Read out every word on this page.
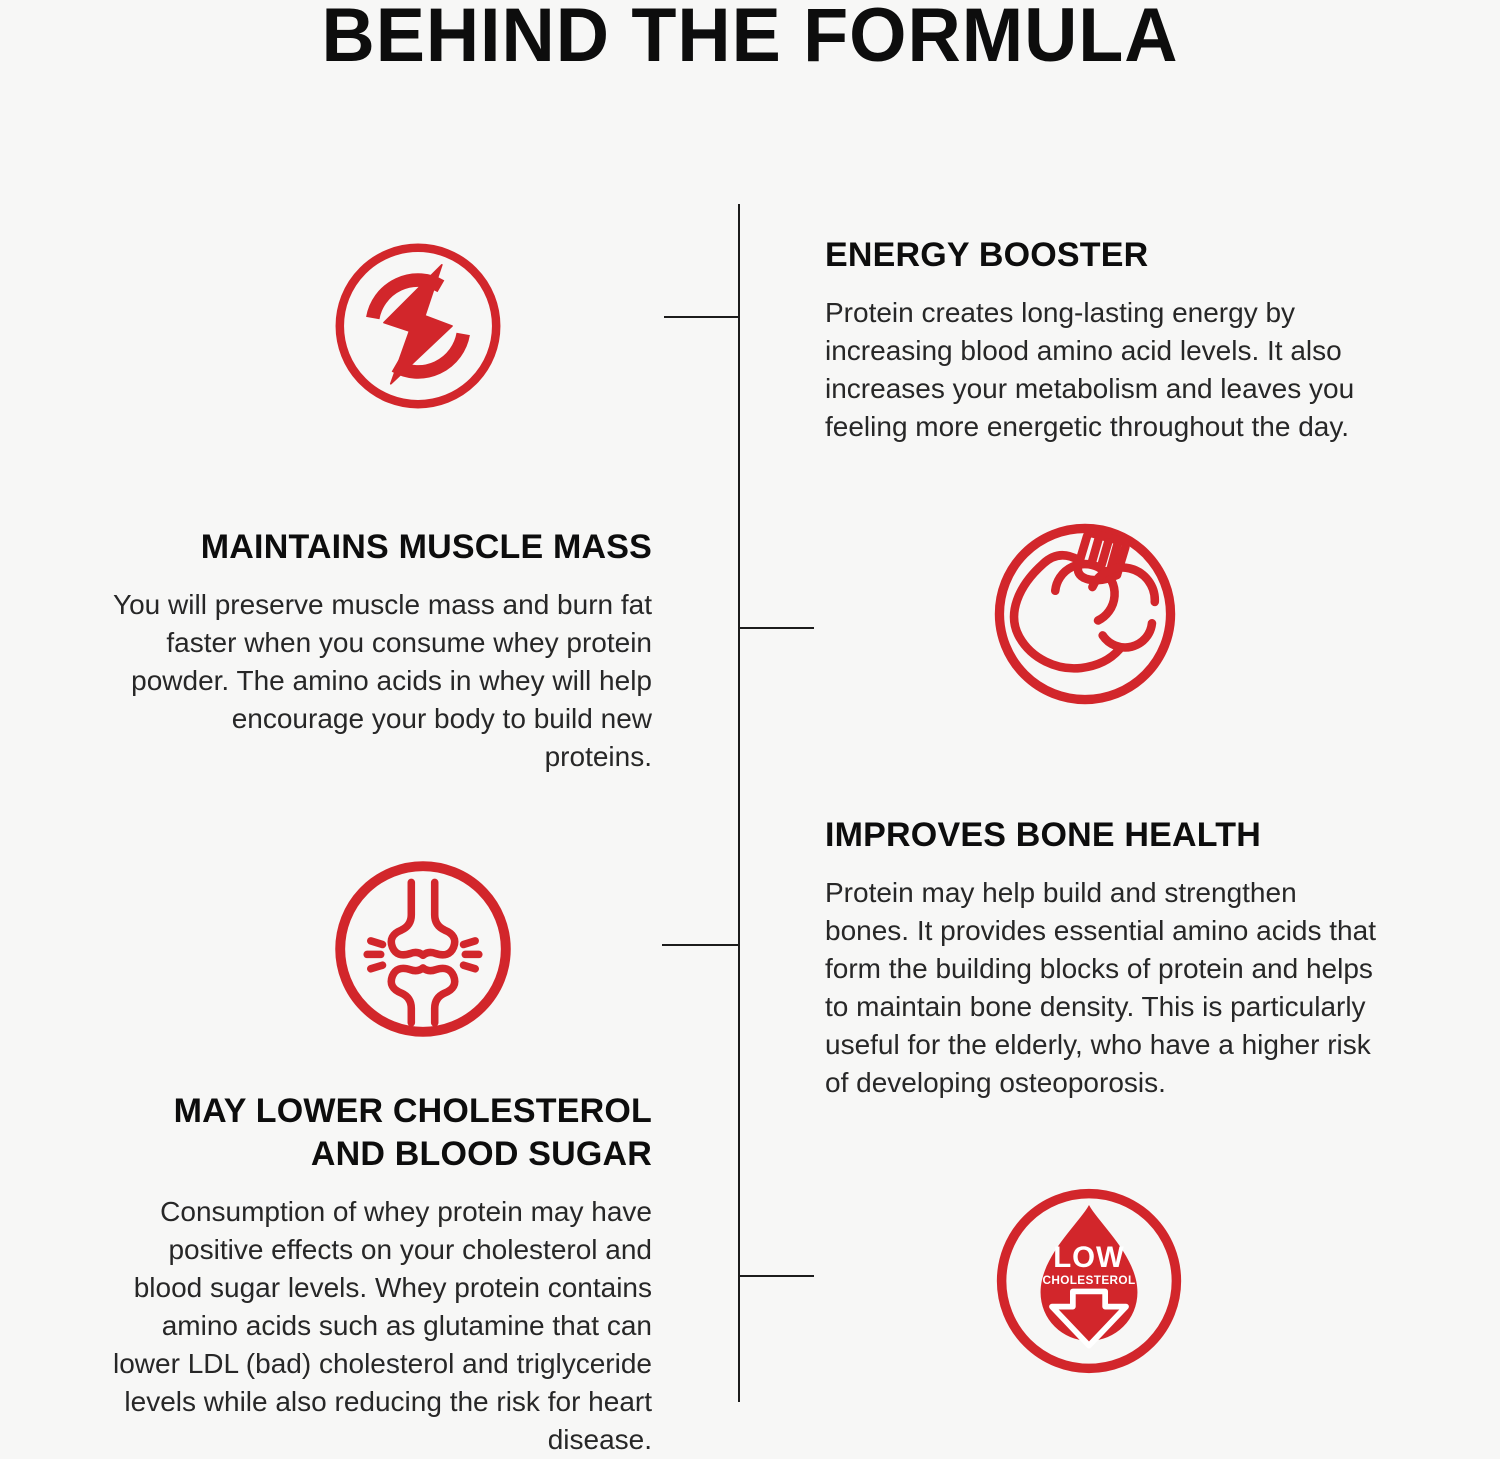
BEHIND THE FORMULA
LOW
CHOLESTEROL
ENERGY BOOSTER
Protein creates long-lasting energy by
increasing blood amino acid levels. It also
increases your metabolism and leaves you
feeling more energetic throughout the day.
MAINTAINS MUSCLE MASS
You will preserve muscle mass and burn fat
faster when you consume whey protein
powder. The amino acids in whey will help
encourage your body to build new
proteins.
IMPROVES BONE HEALTH
Protein may help build and strengthen
bones. It provides essential amino acids that
form the building blocks of protein and helps
to maintain bone density. This is particularly
useful for the elderly, who have a higher risk
of developing osteoporosis.
MAY LOWER CHOLESTEROL
AND BLOOD SUGAR
Consumption of whey protein may have
positive effects on your cholesterol and
blood sugar levels. Whey protein contains
amino acids such as glutamine that can
lower LDL (bad) cholesterol and triglyceride
levels while also reducing the risk for heart
disease.
